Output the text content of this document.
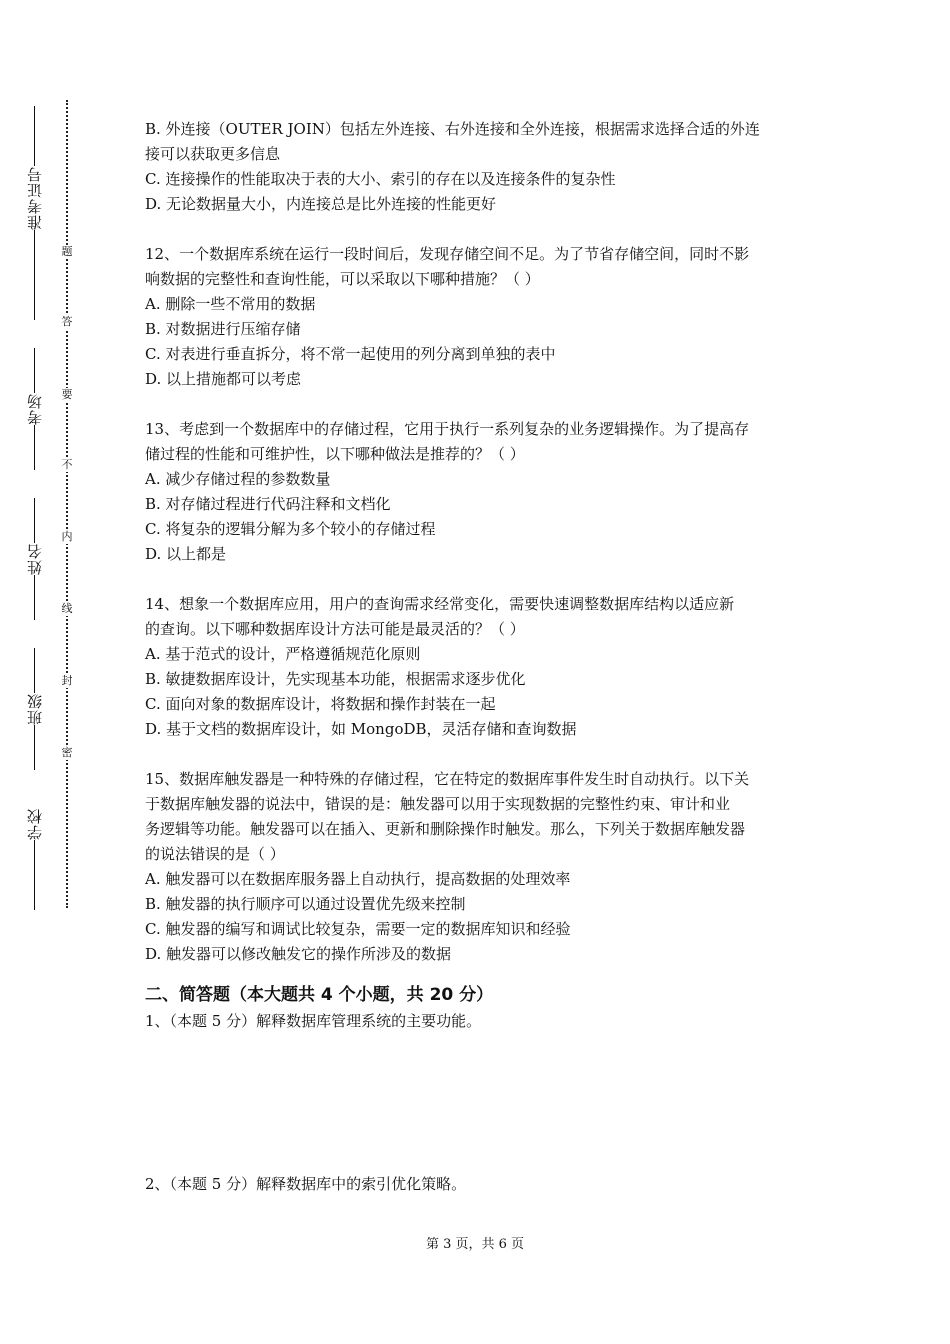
准考证号
考场
姓名
班级
学校
题
答
要
不
内
线
封
密
B. 外连接（OUTER JOIN）包括左外连接、右外连接和全外连接，根据需求选择合适的外连
接可以获取更多信息
C. 连接操作的性能取决于表的大小、索引的存在以及连接条件的复杂性
D. 无论数据量大小，内连接总是比外连接的性能更好
12、一个数据库系统在运行一段时间后，发现存储空间不足。为了节省存储空间，同时不影
响数据的完整性和查询性能，可以采取以下哪种措施？（ ）
A. 删除一些不常用的数据
B. 对数据进行压缩存储
C. 对表进行垂直拆分，将不常一起使用的列分离到单独的表中
D. 以上措施都可以考虑
13、考虑到一个数据库中的存储过程，它用于执行一系列复杂的业务逻辑操作。为了提高存
储过程的性能和可维护性，以下哪种做法是推荐的？（ ）
A. 减少存储过程的参数数量
B. 对存储过程进行代码注释和文档化
C. 将复杂的逻辑分解为多个较小的存储过程
D. 以上都是
14、想象一个数据库应用，用户的查询需求经常变化，需要快速调整数据库结构以适应新
的查询。以下哪种数据库设计方法可能是最灵活的？（ ）
A. 基于范式的设计，严格遵循规范化原则
B. 敏捷数据库设计，先实现基本功能，根据需求逐步优化
C. 面向对象的数据库设计，将数据和操作封装在一起
D. 基于文档的数据库设计，如 MongoDB，灵活存储和查询数据
15、数据库触发器是一种特殊的存储过程，它在特定的数据库事件发生时自动执行。以下关
于数据库触发器的说法中，错误的是：触发器可以用于实现数据的完整性约束、审计和业
务逻辑等功能。触发器可以在插入、更新和删除操作时触发。那么，下列关于数据库触发器
的说法错误的是（ ）
A. 触发器可以在数据库服务器上自动执行，提高数据的处理效率
B. 触发器的执行顺序可以通过设置优先级来控制
C. 触发器的编写和调试比较复杂，需要一定的数据库知识和经验
D. 触发器可以修改触发它的操作所涉及的数据
二、简答题（本大题共 4 个小题，共 20 分）
1、（本题 5 分）解释数据库管理系统的主要功能。
2、（本题 5 分）解释数据库中的索引优化策略。
第 3 页，共 6 页
